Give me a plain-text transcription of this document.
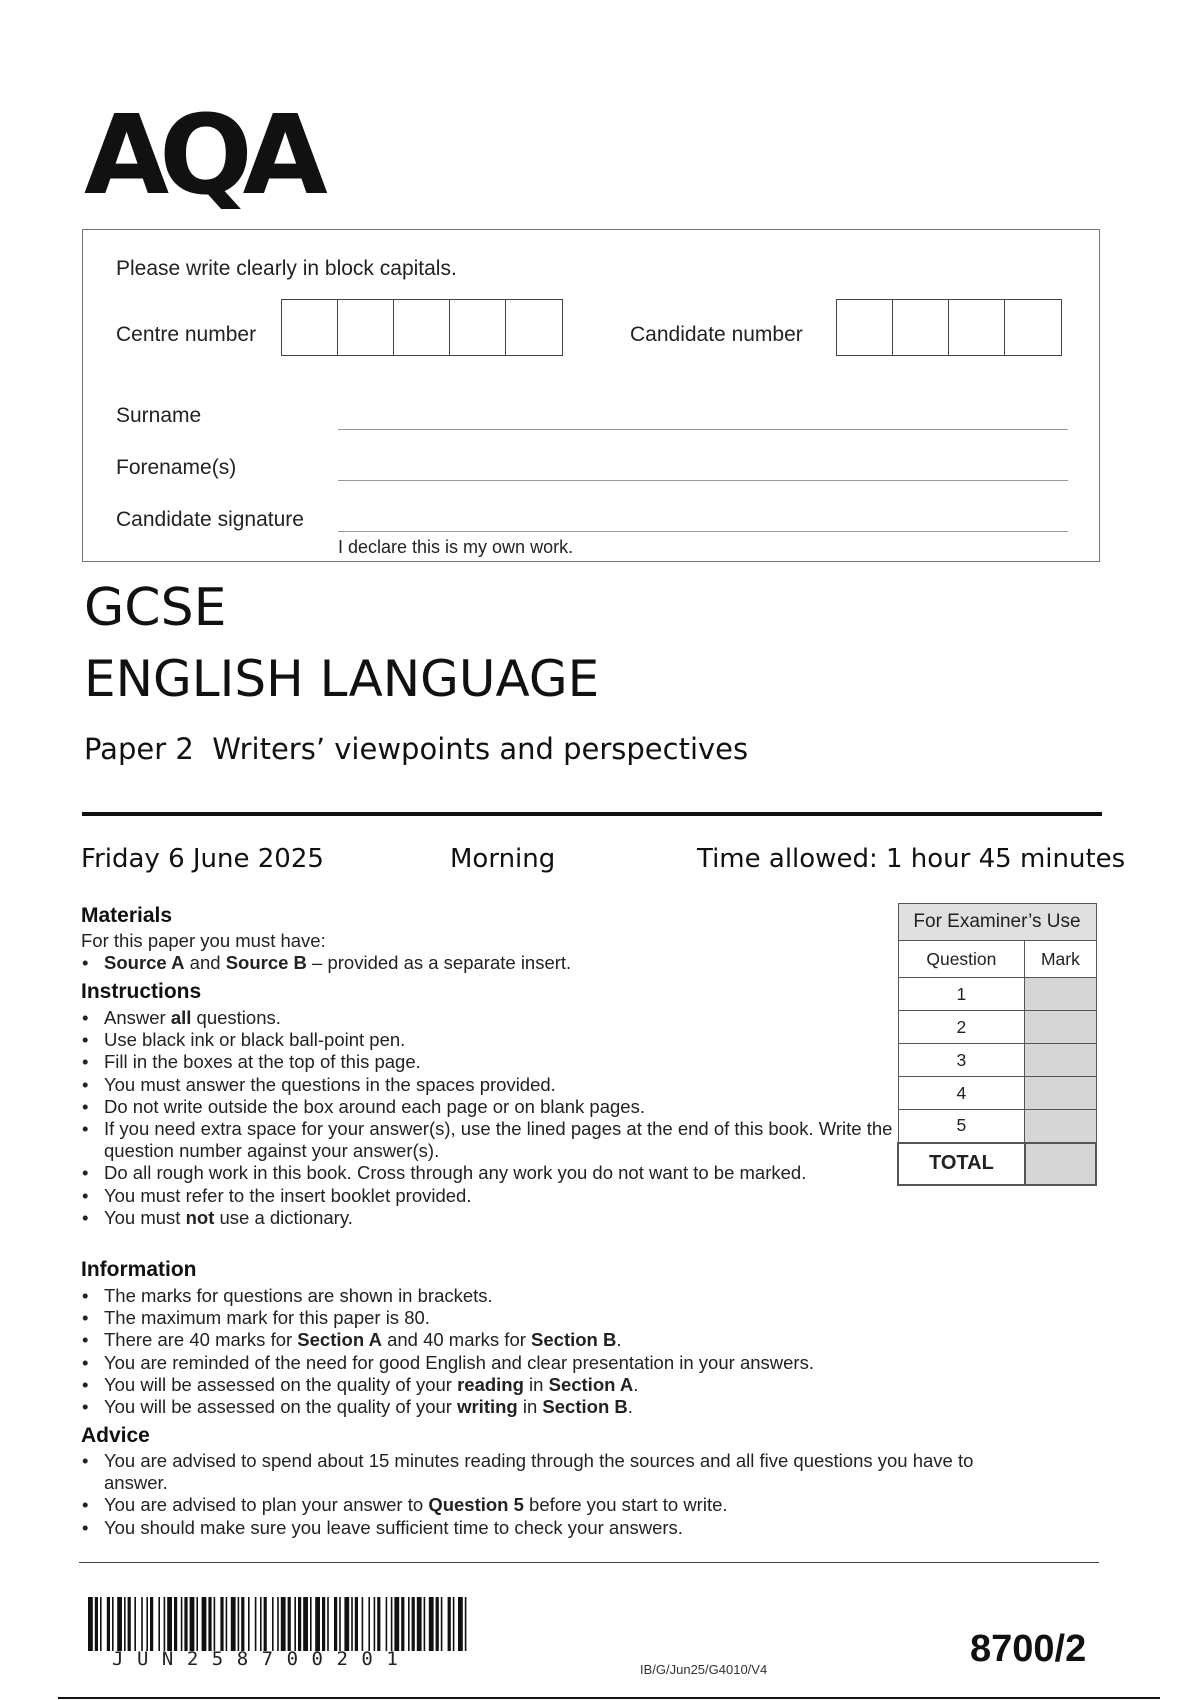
AQA
Please write clearly in block capitals.
Centre number	Candidate number
Surname
Forename(s)
Candidate signature
I declare this is my own work.
GCSE
ENGLISH LANGUAGE
Paper 2  Writers’ viewpoints and perspectives
Friday 6 June 2025	Morning	Time allowed: 1 hour 45 minutes
Materials
For this paper you must have:
• Source A and Source B – provided as a separate insert.
Instructions
• Answer all questions.
• Use black ink or black ball-point pen.
• Fill in the boxes at the top of this page.
• You must answer the questions in the spaces provided.
• Do not write outside the box around each page or on blank pages.
• If you need extra space for your answer(s), use the lined pages at the end of this book. Write the question number against your answer(s).
• Do all rough work in this book. Cross through any work you do not want to be marked.
• You must refer to the insert booklet provided.
• You must not use a dictionary.
Information
• The marks for questions are shown in brackets.
• The maximum mark for this paper is 80.
• There are 40 marks for Section A and 40 marks for Section B.
• You are reminded of the need for good English and clear presentation in your answers.
• You will be assessed on the quality of your reading in Section A.
• You will be assessed on the quality of your writing in Section B.
Advice
• You are advised to spend about 15 minutes reading through the sources and all five questions you have to answer.
• You are advised to plan your answer to Question 5 before you start to write.
• You should make sure you leave sufficient time to check your answers.
For Examiner’s Use	
Question	Mark
1	
2	
3	
4	
5	
TOTAL	
JUN258700201	IB/G/Jun25/G4010/V4	8700/2
